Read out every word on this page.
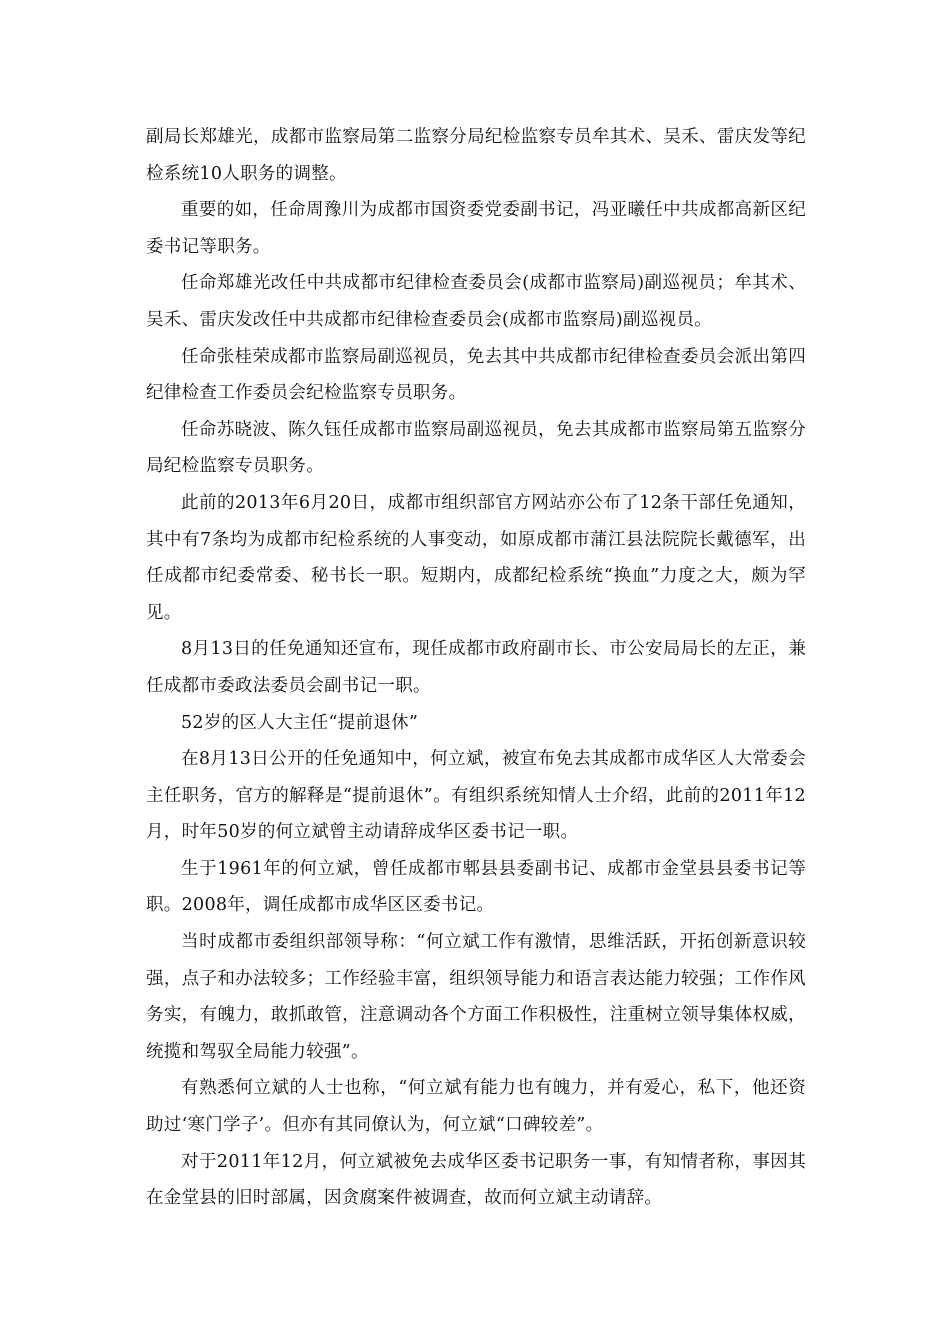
副局长郑雄光，成都市监察局第二监察分局纪检监察专员牟其术、吴禾、雷庆发等纪检系统10人职务的调整。

重要的如，任命周豫川为成都市国资委党委副书记，冯亚曦任中共成都高新区纪委书记等职务。

任命郑雄光改任中共成都市纪律检查委员会(成都市监察局)副巡视员；牟其术、吴禾、雷庆发改任中共成都市纪律检查委员会(成都市监察局)副巡视员。

任命张桂荣成都市监察局副巡视员，免去其中共成都市纪律检查委员会派出第四纪律检查工作委员会纪检监察专员职务。

任命苏晓波、陈久钰任成都市监察局副巡视员，免去其成都市监察局第五监察分局纪检监察专员职务。

此前的2013年6月20日，成都市组织部官方网站亦公布了12条干部任免通知，其中有7条均为成都市纪检系统的人事变动，如原成都市蒲江县法院院长戴德军，出任成都市纪委常委、秘书长一职。短期内，成都纪检系统“换血”力度之大，颇为罕见。

8月13日的任免通知还宣布，现任成都市政府副市长、市公安局局长的左正，兼任成都市委政法委员会副书记一职。

52岁的区人大主任“提前退休”

在8月13日公开的任免通知中，何立斌，被宣布免去其成都市成华区人大常委会主任职务，官方的解释是“提前退休”。有组织系统知情人士介绍，此前的2011年12月，时年50岁的何立斌曾主动请辞成华区委书记一职。

生于1961年的何立斌，曾任成都市郫县县委副书记、成都市金堂县县委书记等职。2008年，调任成都市成华区区委书记。

当时成都市委组织部领导称：“何立斌工作有激情，思维活跃，开拓创新意识较强，点子和办法较多；工作经验丰富，组织领导能力和语言表达能力较强；工作作风务实，有魄力，敢抓敢管，注意调动各个方面工作积极性，注重树立领导集体权威，统揽和驾驭全局能力较强”。

有熟悉何立斌的人士也称，“何立斌有能力也有魄力，并有爱心，私下，他还资助过‘寒门学子’。但亦有其同僚认为，何立斌“口碑较差”。

对于2011年12月，何立斌被免去成华区委书记职务一事，有知情者称，事因其在金堂县的旧时部属，因贪腐案件被调查，故而何立斌主动请辞。
